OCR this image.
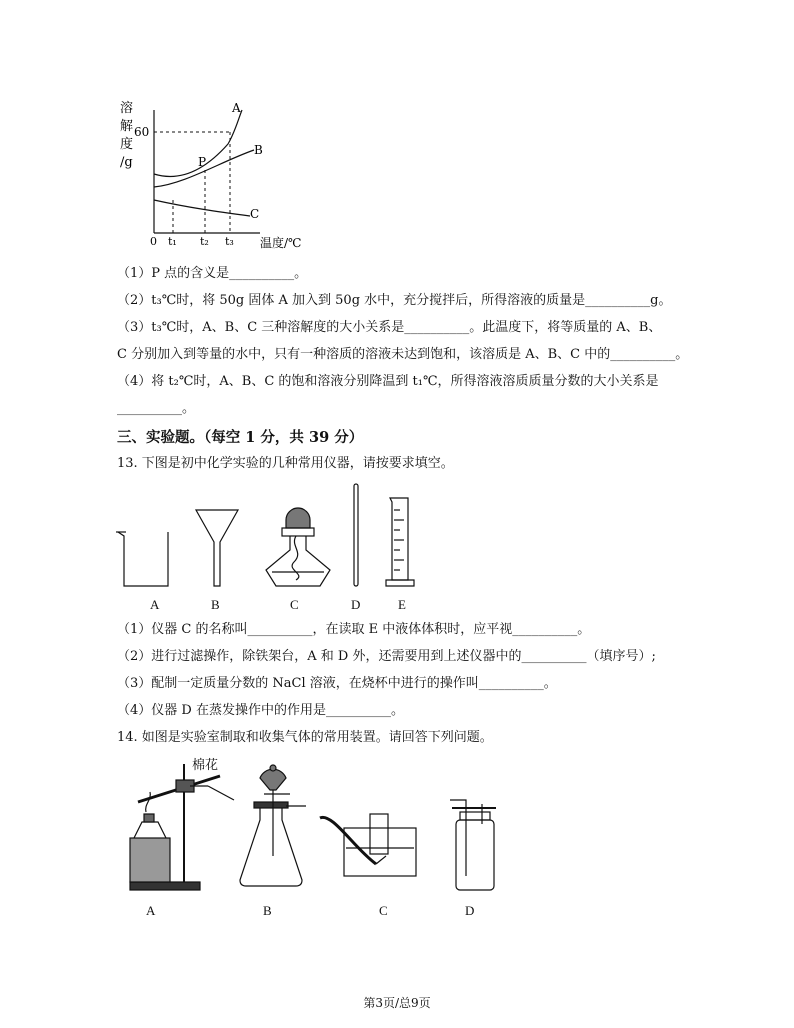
溶
解
度
/g
60
A
B
C
P
0 t₁ t₂ t₃ 温度/℃
（1）P 点的含义是__________。
（2）t₃℃时，将 50g 固体 A 加入到 50g 水中，充分搅拌后，所得溶液的质量是__________g。
（3）t₃℃时，A、B、C 三种溶解度的大小关系是__________。此温度下，将等质量的 A、B、
C 分别加入到等量的水中，只有一种溶质的溶液未达到饱和，该溶质是 A、B、C 中的__________。
（4）将 t₂℃时，A、B、C 的饱和溶液分别降温到 t₁℃，所得溶液溶质质量分数的大小关系是
__________。
三、实验题。（每空 1 分，共 39 分）
13. 下图是初中化学实验的几种常用仪器，请按要求填空。
A	B	C	D	E
（1）仪器 C 的名称叫__________，在读取 E 中液体体积时，应平视__________。
（2）进行过滤操作，除铁架台，A 和 D 外，还需要用到上述仪器中的__________（填序号）;
（3）配制一定质量分数的 NaCl 溶液，在烧杯中进行的操作叫__________。
（4）仪器 D 在蒸发操作中的作用是__________。
14. 如图是实验室制取和收集气体的常用装置。请回答下列问题。
棉花
A	B	C	D
第3页/总9页
